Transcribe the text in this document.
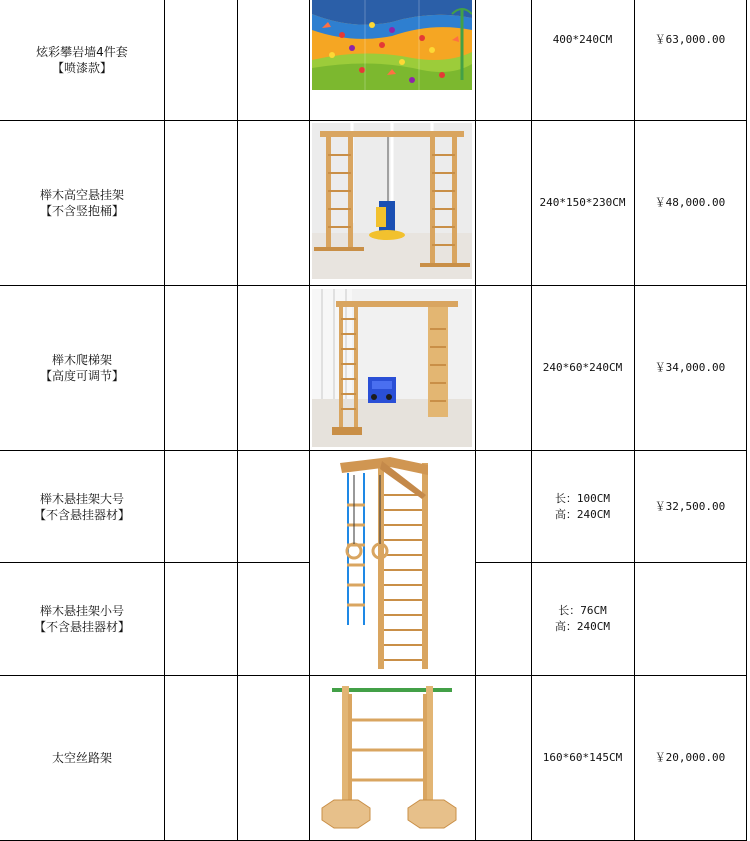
炫彩攀岩墙4件套
【喷漆款】
400*240CM	￥63,000.00
榉木高空悬挂架
【不含竖抱桶】
240*150*230CM	￥48,000.00
榉木爬梯架
【高度可调节】
240*60*240CM	￥34,000.00
榉木悬挂架大号
【不含悬挂器材】
长：100CM
高：240CM
￥32,500.00
榉木悬挂架小号
【不含悬挂器材】
长：76CM
高：240CM
太空丝路架	160*60*145CM	￥20,000.00
